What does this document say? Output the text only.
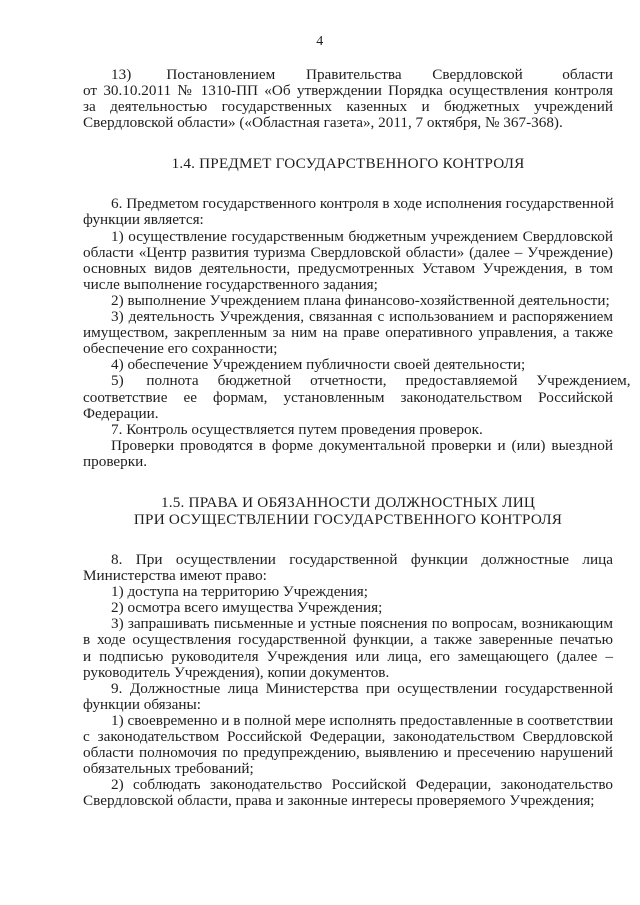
4
13)        Постановлением       Правительства       Свердловской         области
от 30.10.2011 № 1310-ПП «Об утверждении Порядка осуществления контроля
за деятельностью государственных казенных и бюджетных учреждений
Свердловской области» («Областная газета», 2011, 7 октября, № 367-368).
1.4. ПРЕДМЕТ ГОСУДАРСТВЕННОГО КОНТРОЛЯ
6. Предметом государственного контроля в ходе исполнения государственной
функции является:
1) осуществление государственным бюджетным учреждением Свердловской
области «Центр развития туризма Свердловской области» (далее – Учреждение)
основных видов деятельности, предусмотренных Уставом Учреждения, в том
числе выполнение государственного задания;
2) выполнение Учреждением плана финансово-хозяйственной деятельности;
3) деятельность Учреждения, связанная с использованием и распоряжением
имуществом, закрепленным за ним на праве оперативного управления, а также
обеспечение его сохранности;
4) обеспечение Учреждением публичности своей деятельности;
5)      полнота     бюджетной     отчетности,     предоставляемой     Учреждением,
соответствие    ее    формам,    установленным    законодательством    Российской
Федерации.
7. Контроль осуществляется путем проведения проверок.
Проверки проводятся в форме документальной проверки и (или) выездной
проверки.
1.5. ПРАВА И ОБЯЗАННОСТИ ДОЛЖНОСТНЫХ ЛИЦ
ПРИ ОСУЩЕСТВЛЕНИИ ГОСУДАРСТВЕННОГО КОНТРОЛЯ
8.   При   осуществлении   государственной   функции   должностные   лица
Министерства имеют право:
1) доступа на территорию Учреждения;
2) осмотра всего имущества Учреждения;
3) запрашивать письменные и устные пояснения по вопросам, возникающим
в ходе осуществления государственной функции, а также заверенные печатью
и подписью руководителя Учреждения или лица, его замещающего (далее –
руководитель Учреждения), копии документов.
9. Должностные лица Министерства при осуществлении государственной
функции обязаны:
1) своевременно и в полной мере исполнять предоставленные в соответствии
с законодательством Российской Федерации, законодательством Свердловской
области полномочия по предупреждению, выявлению и пресечению нарушений
обязательных требований;
2) соблюдать законодательство Российской Федерации, законодательство
Свердловской области, права и законные интересы проверяемого Учреждения;
